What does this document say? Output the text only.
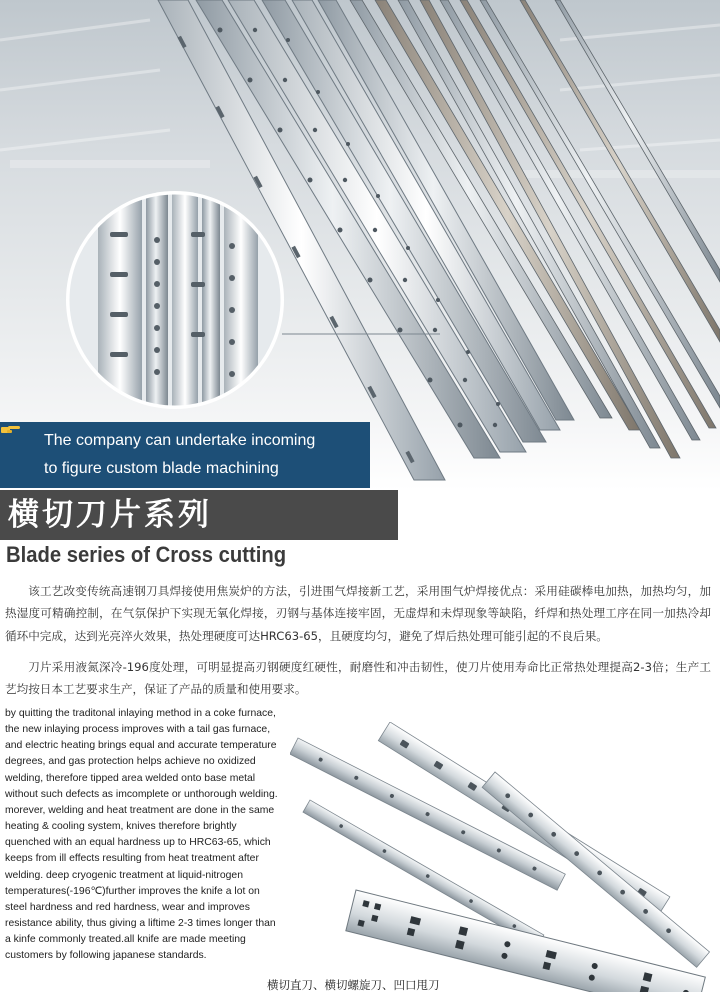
The company can undertake incoming
to figure custom blade machining
横切刀片系列
Blade series of Cross cutting

该工艺改变传统高速钢刀具焊接使用焦炭炉的方法，引进围气焊接新工艺，采用围气炉焊接优点：采用硅碳棒电加热，加热均匀，加热湿度可精确控制，在气氛保护下实现无氧化焊接，刃钢与基体连接牢固，无虚焊和未焊现象等缺陷，纤焊和热处理工序在同一加热冷却循环中完成，达到光亮淬火效果，热处理硬度可达HRC63-65，且硬度均匀，避免了焊后热处理可能引起的不良后果。

刀片采用液氮深冷-196度处理，可明显提高刃钢硬度红硬性，耐磨性和冲击韧性，使刀片使用寿命比正常热处理提高2-3倍；生产工艺均按日本工艺要求生产，保证了产品的质量和使用要求。

by quitting the traditonal inlaying method in a coke furnace, the new inlaying process improves with a tail gas furnace, and electric heating brings equal and accurate temperature degrees, and gas protection helps achieve no oxidized welding, therefore tipped area welded onto base metal without such defects as imcomplete or unthorough welding. morever, welding and heat treatment are done in the same heating & cooling system, knives therefore brightly quenched with an equal hardness up to HRC63-65, which keeps from ill effects resulting from heat treatment after welding. deep cryogenic treatment at liquid-nitrogen temperatures(-196℃)further improves the knife a lot on steel hardness and red hardness, wear and improves resistance ability, thus giving a liftime 2-3 times longer than a kinfe commonly treated.all knife are made meeting customers by following japanese standards.

横切直刀、横切螺旋刀、凹口甩刀
